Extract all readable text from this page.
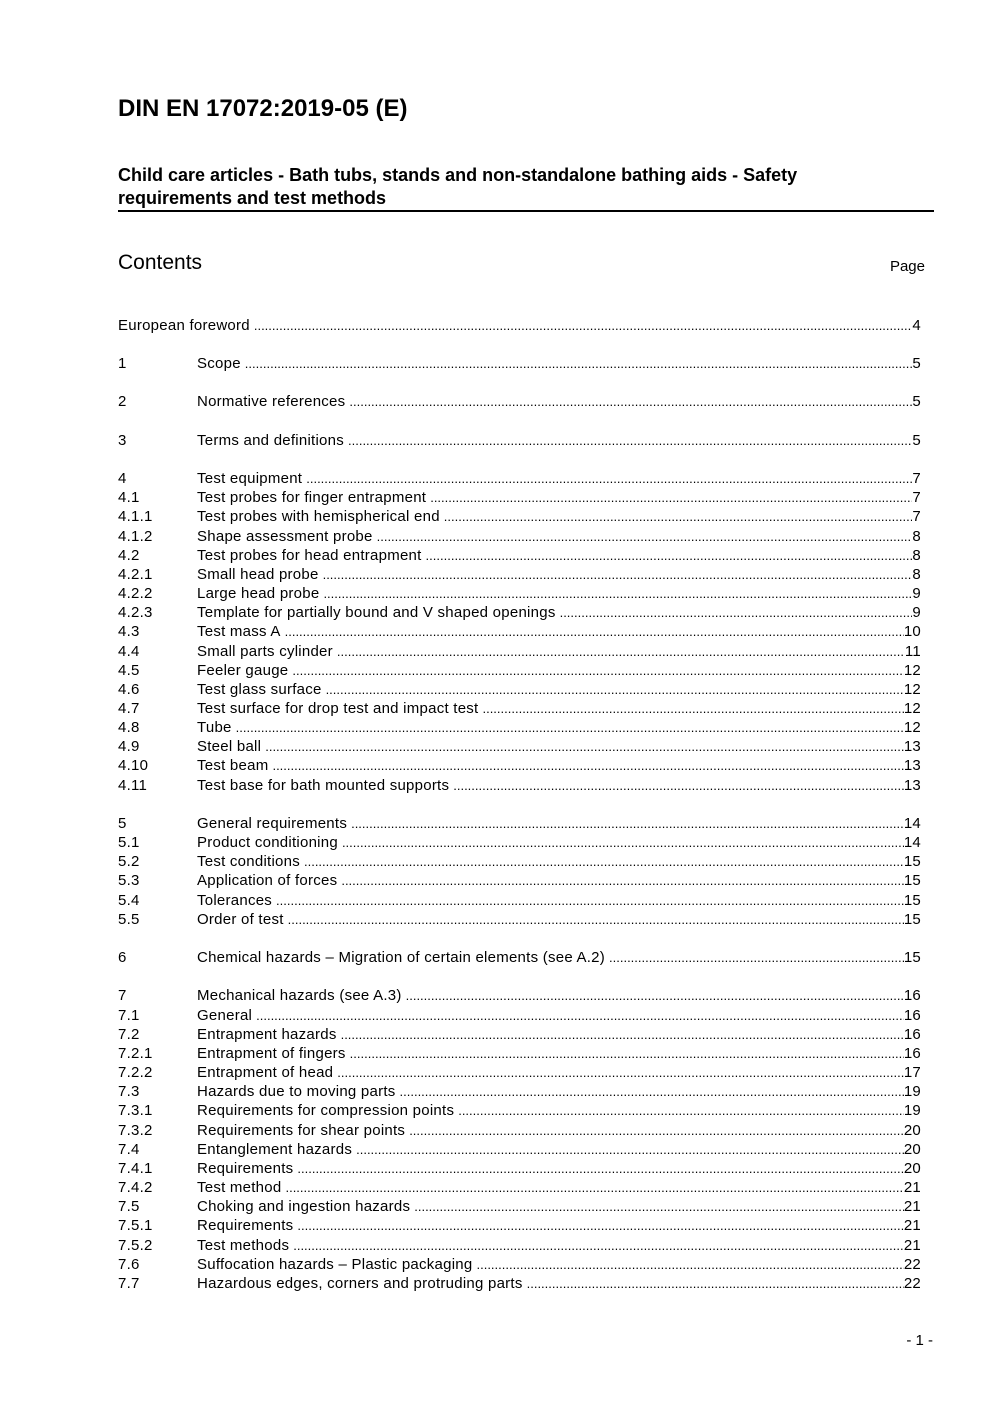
DIN EN 17072:2019-05 (E)
Child care articles - Bath tubs, stands and non-standalone bathing aids - Safety requirements and test methods
Contents	Page
European foreword .....	4
1	Scope .....	5
2	Normative references .....	5
3	Terms and definitions .....	5
4	Test equipment .....	7
4.1	Test probes for finger entrapment .....	7
4.1.1	Test probes with hemispherical end .....	7
4.1.2	Shape assessment probe .....	8
4.2	Test probes for head entrapment .....	8
4.2.1	Small head probe .....	8
4.2.2	Large head probe .....	9
4.2.3	Template for partially bound and V shaped openings .....	9
4.3	Test mass A .....	10
4.4	Small parts cylinder .....	11
4.5	Feeler gauge .....	12
4.6	Test glass surface .....	12
4.7	Test surface for drop test and impact test .....	12
4.8	Tube .....	12
4.9	Steel ball .....	13
4.10	Test beam .....	13
4.11	Test base for bath mounted supports .....	13
5	General requirements .....	14
5.1	Product conditioning .....	14
5.2	Test conditions .....	15
5.3	Application of forces .....	15
5.4	Tolerances .....	15
5.5	Order of test .....	15
6	Chemical hazards – Migration of certain elements (see A.2) .....	15
7	Mechanical hazards (see A.3) .....	16
7.1	General .....	16
7.2	Entrapment hazards .....	16
7.2.1	Entrapment of fingers .....	16
7.2.2	Entrapment of head .....	17
7.3	Hazards due to moving parts .....	19
7.3.1	Requirements for compression points .....	19
7.3.2	Requirements for shear points .....	20
7.4	Entanglement hazards .....	20
7.4.1	Requirements .....	20
7.4.2	Test method .....	21
7.5	Choking and ingestion hazards .....	21
7.5.1	Requirements .....	21
7.5.2	Test methods .....	21
7.6	Suffocation hazards – Plastic packaging .....	22
7.7	Hazardous edges, corners and protruding parts .....	22
- 1 -
